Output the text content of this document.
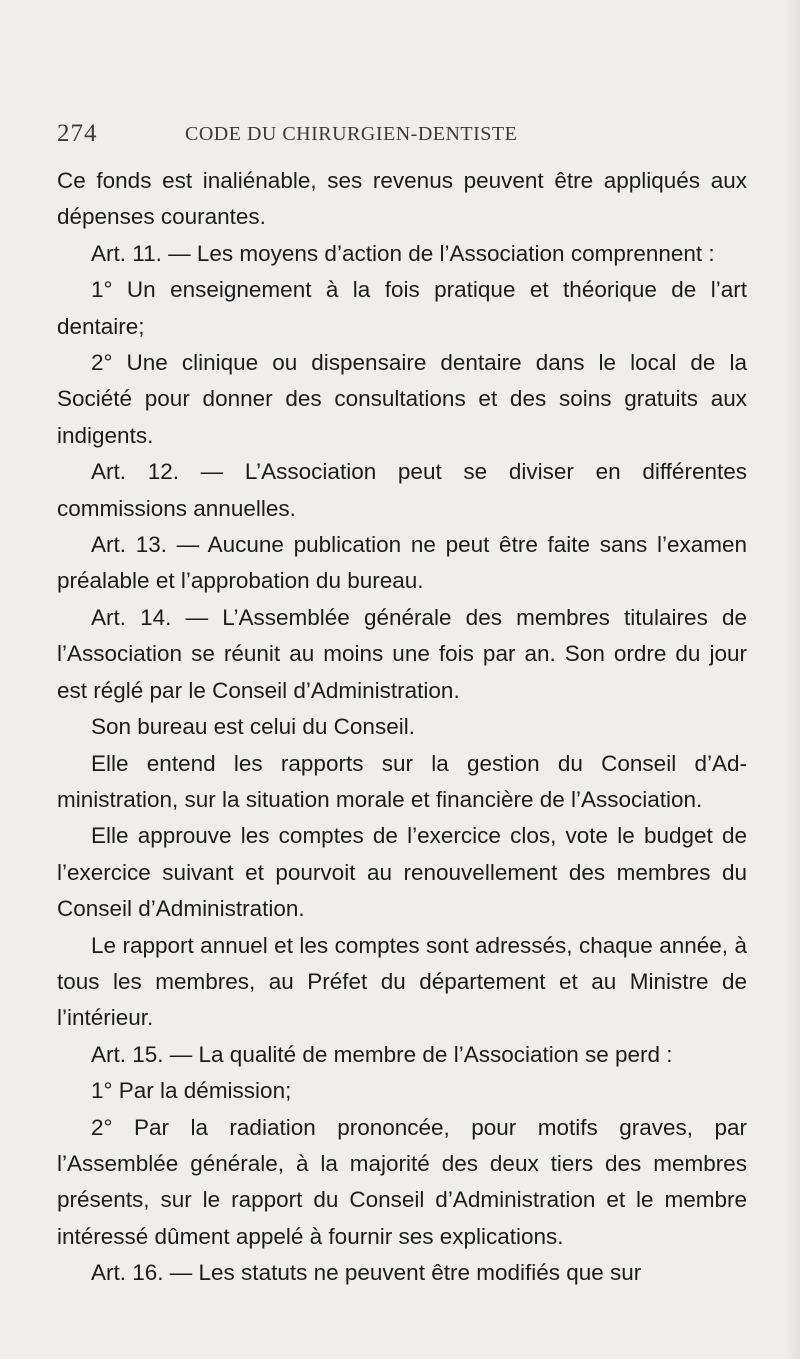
274	CODE DU CHIRURGIEN-DENTISTE

Ce fonds est inaliénable, ses revenus peuvent être appliqués aux dépenses courantes.

Art. 11. — Les moyens d’action de l’Association comprennent :

1° Un enseignement à la fois pratique et théorique de l’art dentaire;

2° Une clinique ou dispensaire dentaire dans le local de la Société pour donner des consultations et des soins gratuits aux indigents.

Art. 12. — L’Association peut se diviser en différentes commissions annuelles.

Art. 13. — Aucune publication ne peut être faite sans l’examen préalable et l’approbation du bureau.

Art. 14. — L’Assemblée générale des membres titulaires de l’Association se réunit au moins une fois par an. Son ordre du jour est réglé par le Conseil d’Administration.

Son bureau est celui du Conseil.

Elle entend les rapports sur la gestion du Conseil d’Administration, sur la situation morale et financière de l’Association.

Elle approuve les comptes de l’exercice clos, vote le budget de l’exercice suivant et pourvoit au renouvellement des membres du Conseil d’Administration.

Le rapport annuel et les comptes sont adressés, chaque année, à tous les membres, au Préfet du département et au Ministre de l’intérieur.

Art. 15. — La qualité de membre de l’Association se perd :

1° Par la démission;

2° Par la radiation prononcée, pour motifs graves, par l’Assemblée générale, à la majorité des deux tiers des membres présents, sur le rapport du Conseil d’Administration et le membre intéressé dûment appelé à fournir ses explications.

Art. 16. — Les statuts ne peuvent être modifiés que sur
